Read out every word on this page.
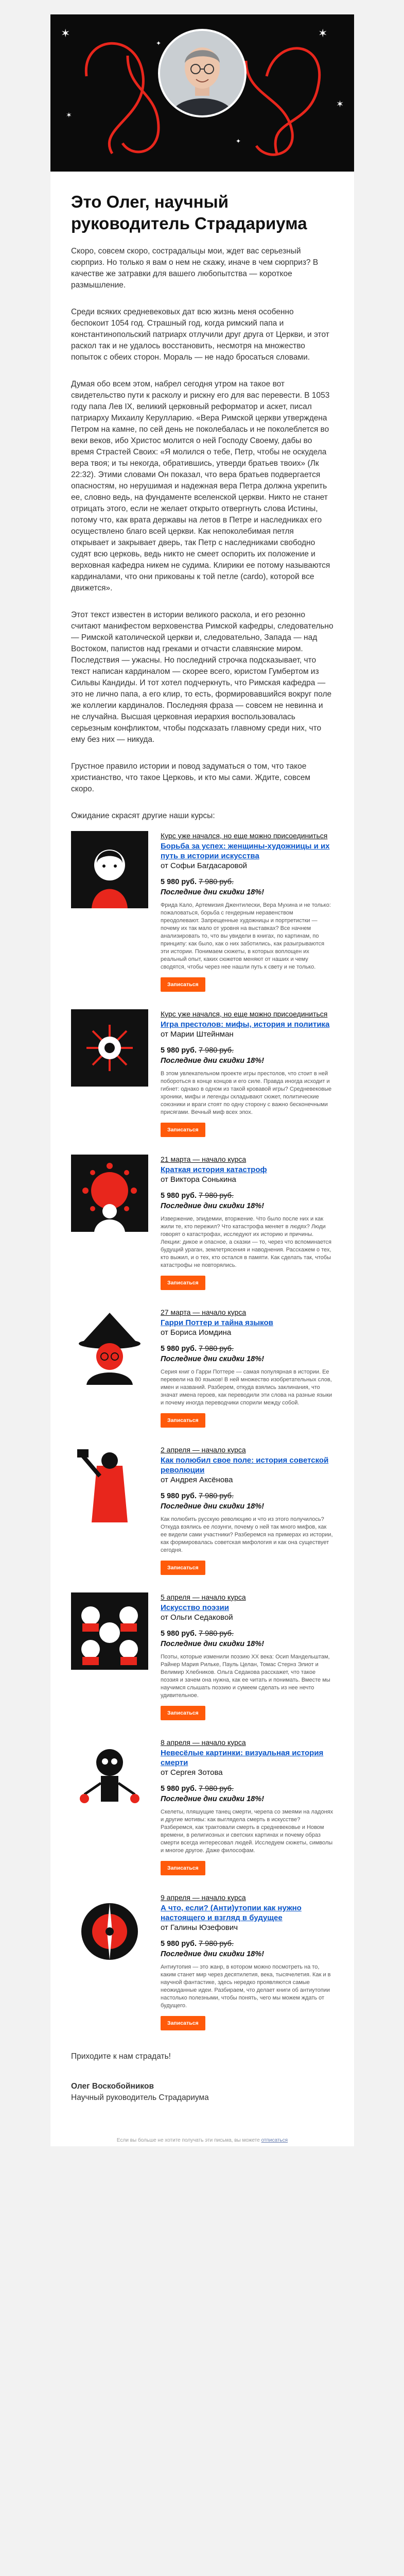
✶	✶
✶
✶
✦
✦
Это Олег, научный руководитель Страдариума

Скоро, совсем скоро, сострадальцы мои, ждет вас серьезный сюрприз. Но только я вам о нем не скажу, иначе в чем сюрприз? В качестве же затравки для вашего любопытства — короткое размышление.

Среди всяких средневековых дат всю жизнь меня особенно беспокоит 1054 год. Страшный год, когда римский папа и константинопольский патриарх отлучили друг друга от Церкви, и этот раскол так и не удалось восстановить, несмотря на множество попыток с обеих сторон. Мораль — не надо бросаться словами.

Думая обо всем этом, набрел сегодня утром на такое вот свидетельство пути к расколу и рискну его для вас перевести. В 1053 году папа Лев IX, великий церковный реформатор и аскет, писал патриарху Михаилу Керулларию. «Вера Римской церкви утверждена Петром на камне, по сей день не поколебалась и не поколеблется во веки веков, ибо Христос молится о ней Господу Своему, дабы во время Страстей Своих: «Я молился о тебе, Петр, чтобы не оскудела вера твоя; и ты некогда, обратившись, утверди братьев твоих» (Лк 22:32). Этими словами Он показал, что вера братьев подвергается опасностям, но нерушимая и надежная вера Петра должна укрепить ее, словно ведь, на фундаменте вселенской церкви. Никто не станет отрицать этого, если не желает открыто отвергнуть слова Истины, потому что, как врата державы на летов в Петре и наследниках его осуществлено благо всей церкви. Как непоколебимая петля открывает и закрывает дверь, так Петр с наследниками свободно судят всю церковь, ведь никто не смеет оспорить их положение и верховная кафедра никем не судима. Клирики ее потому называются кардиналами, что они прикованы к той петле (cardo), которой все движется».

Этот текст известен в истории великого раскола, и его резонно считают манифестом верховенства Римской кафедры, следовательно — Римской католической церкви и, следовательно, Запада — над Востоком, папистов над греками и отчасти славянские миром. Последствия — ужасны. Но последний строчка подсказывает, что текст написан кардиналом — скорее всего, юристом Гумбертом из Сильвы Кандиды. И тот хотел подчеркнуть, что Римская кафедра — это не лично папа, а его клир, то есть, формировавшийся вокруг поле же коллегии кардиналов. Последняя фраза — совсем не невинна и не случайна. Высшая церковная иерархия воспользовалась серьезным конфликтом, чтобы подсказать главному среди них, что ему без них — никуда.

Грустное правило истории и повод задуматься о том, что такое христианство, что такое Церковь, и кто мы сами. Ждите, совсем скоро.

Ожидание скрасят другие наши курсы:

Курс уже начался, но еще можно присоединиться
Борьба за успех: женщины-художницы и их путь в истории искусства
от Софьи Багдасаровой
5 980 руб. 7 980 руб.
Последние дни скидки 18%!
Фрида Кало, Артемизия Джентилески, Вера Мухина и не только: пожаловаться, борьба с гендерным неравенством преодолевают. Запрещенные художницы и портретистки — почему их так мало от уровня на выставках? Все начнем анализировать то, что вы увидели в книгах, по картинам, по принципу: как было, как о них заботились, как разыгрываются эти истории. Понимаем сюжеты, в которых воплощен их реальный опыт, каких сюжетов меняют от наших и чему сводятся, чтобы через нее нашли путь к свету и не только.
Записаться
Курс уже начался, но еще можно присоединиться
Игра престолов: мифы, история и политика
от Марии Штейнман
5 980 руб. 7 980 руб.
Последние дни скидки 18%!
В этом увлекательном проекте игры престолов, что стоит в ней побороться в конце концов и его силе. Правда иногда исходит и гибнет: однако в одном из такой кровавой игры? Средневековые хроники, мифы и легенды складывают сюжет, политические союзники и враги стоят по одну сторону с важно бесконечными присягами. Вечный миф всех эпох.
Записаться
21 марта — начало курса
Краткая история катастроф
от Виктора Сонькина
5 980 руб. 7 980 руб.
Последние дни скидки 18%!
Извержение, эпидемии, вторжение. Что было после них и как жили те, кто пережил? Что катастрофа меняет в людях? Люди говорят о катастрофах, исследуют их историю и причины. Лекции: дикое и опасное, а сказки — то, через что вспоминается будущий ураган, землетрясения и наводнения. Расскажем о тех, кто выжил, и о тех, кто остался в памяти. Как сделать так, чтобы катастрофы не повторялись.
Записаться
27 марта — начало курса
Гарри Поттер и тайна языков
от Бориса Иомдина
5 980 руб. 7 980 руб.
Последние дни скидки 18%!
Серия книг о Гарри Поттере — самая популярная в истории. Ее перевели на 80 языков! В ней множество изобретательных слов, имен и названий. Разберем, откуда взялись заклинания, что значат имена героев, как переводили эти слова на разные языки и почему иногда переводчики спорили между собой.
Записаться
2 апреля — начало курса
Как полюбил свое поле: история советской революции
от Андрея Аксёнова
5 980 руб. 7 980 руб.
Последние дни скидки 18%!
Как полюбить русскую революцию и что из этого получилось? Откуда взялись ее лозунги, почему о ней так много мифов, как ее видели сами участники? Разберемся на примерах из истории, как формировалась советская мифология и как она существует сегодня.
Записаться
5 апреля — начало курса
Искусство поэзии
от Ольги Седаковой
5 980 руб. 7 980 руб.
Последние дни скидки 18%!
Поэты, которые изменили поэзию XX века: Осип Мандельштам, Райнер Мария Рильке, Пауль Целан, Томас Стернз Элиот и Велимир Хлебников. Ольга Седакова расскажет, что такое поэзия и зачем она нужна, как ее читать и понимать. Вместе мы научимся слышать поэзию и сумеем сделать из нее нечто удивительное.
Записаться
8 апреля — начало курса
Невесёлые картинки: визуальная история смерти
от Сергея Зотова
5 980 руб. 7 980 руб.
Последние дни скидки 18%!
Скелеты, пляшущие танец смерти, черепа со змеями на ладонях и другие мотивы: как выглядела смерть в искусстве? Разберемся, как трактовали смерть в средневековье и Новом времени, в религиозных и светских картинах и почему образ смерти всегда интересовал людей. Исследуем сюжеты, символы и многое другое. Даже философам.
Записаться
9 апреля — начало курса
А что, если? (Анти)утопии как нужно настоящего и взгляд в будущее
от Галины Юзефович
5 980 руб. 7 980 руб.
Последние дни скидки 18%!
Антиутопия — это жанр, в котором можно посмотреть на то, каким станет мир через десятилетия, века, тысячелетия. Как и в научной фантастике, здесь нередко проявляются самые неожиданные идеи. Разбираем, что делает книги об антиутопии настолько полезными, чтобы понять, чего мы можем ждать от будущего.
Записаться

Приходите к нам страдать!

Олег Воскобойников

Научный руководитель Страдариума

Если вы больше не хотите получать эти письма, вы можете отписаться
